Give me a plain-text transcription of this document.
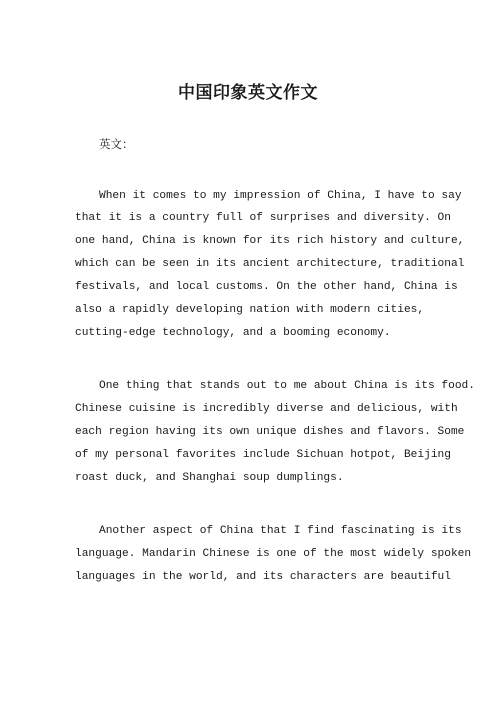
中国印象英文作文

英文：

When it comes to my impression of China, I have to say

that it is a country full of surprises and diversity. On

one hand, China is known for its rich history and culture,

which can be seen in its ancient architecture, traditional

festivals, and local customs. On the other hand, China is

also a rapidly developing nation with modern cities,

cutting-edge technology, and a booming economy.

One thing that stands out to me about China is its food.

Chinese cuisine is incredibly diverse and delicious, with

each region having its own unique dishes and flavors. Some

of my personal favorites include Sichuan hotpot, Beijing

roast duck, and Shanghai soup dumplings.

Another aspect of China that I find fascinating is its

language. Mandarin Chinese is one of the most widely spoken

languages in the world, and its characters are beautiful
